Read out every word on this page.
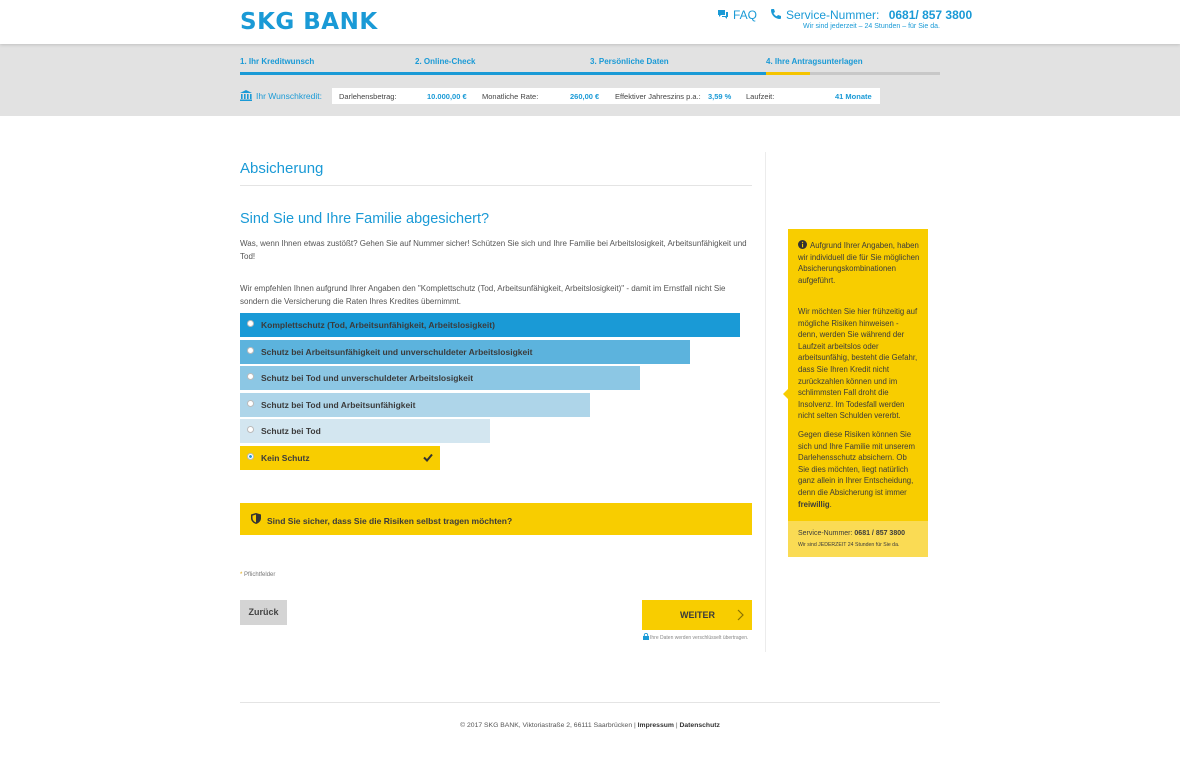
SKG BANK	FAQ	Service-Nummer: 0681/ 857 3800
Wir sind jederzeit – 24 Stunden – für Sie da.
1. Ihr Kreditwunsch	2. Online-Check	3. Persönliche Daten	4. Ihre Antragsunterlagen
Ihr Wunschkredit: Darlehensbetrag:	10.000,00 € Monatliche Rate:	260,00 € Effektiver Jahreszins p.a.: 3,59 % Laufzeit:	41 Monate
Absicherung
Sind Sie und Ihre Familie abgesichert?
Was, wenn Ihnen etwas zustößt? Gehen Sie auf Nummer sicher! Schützen Sie sich und Ihre Familie bei Arbeitslosigkeit, Arbeitsunfähigkeit und Tod!
Wir empfehlen Ihnen aufgrund Ihrer Angaben den "Komplettschutz (Tod, Arbeitsunfähigkeit, Arbeitslosigkeit)" - damit im Ernstfall nicht Sie sondern die Versicherung die Raten Ihres Kredites übernimmt.
Komplettschutz (Tod, Arbeitsunfähigkeit, Arbeitslosigkeit)
Schutz bei Arbeitsunfähigkeit und unverschuldeter Arbeitslosigkeit
Schutz bei Tod und unverschuldeter Arbeitslosigkeit
Schutz bei Tod und Arbeitsunfähigkeit
Schutz bei Tod
Kein Schutz
Sind Sie sicher, dass Sie die Risiken selbst tragen möchten?
* Pflichtfelder
Zurück	WEITER
Ihre Daten werden verschlüsselt übertragen.
Aufgrund Ihrer Angaben, haben wir individuell die für Sie möglichen Absicherungskombinationen aufgeführt.
Wir möchten Sie hier frühzeitig auf mögliche Risiken hinweisen - denn, werden Sie während der Laufzeit arbeitslos oder arbeitsunfähig, besteht die Gefahr, dass Sie Ihren Kredit nicht zurückzahlen können und im schlimmsten Fall droht die Insolvenz. Im Todesfall werden nicht selten Schulden vererbt.
Gegen diese Risiken können Sie sich und Ihre Familie mit unserem Darlehensschutz absichern. Ob Sie dies möchten, liegt natürlich ganz allein in Ihrer Entscheidung, denn die Absicherung ist immer freiwillig.
Service-Nummer: 0681 / 857 3800
Wir sind JEDERZEIT 24 Stunden für Sie da.
© 2017 SKG BANK, Viktoriastraße 2, 66111 Saarbrücken | Impressum | Datenschutz
